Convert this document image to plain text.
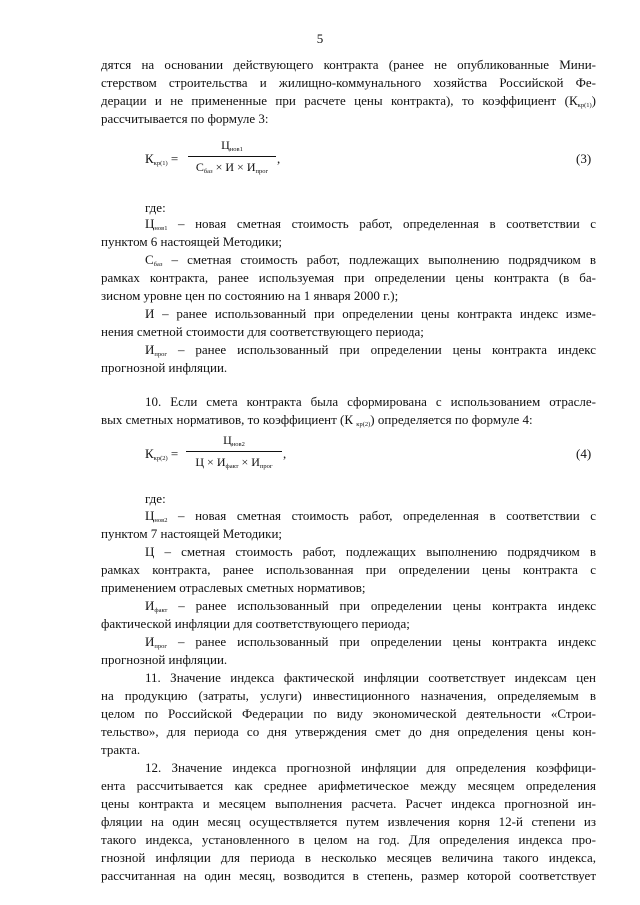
5
дятся на основании действующего контракта (ранее не опубликованные Мини-
стерством строительства и жилищно-коммунального хозяйства Российской Фе-
дерации и не примененные при расчете цены контракта), то коэффициент $(К_{кр(1)})$
рассчитывается по формуле 3:
$К_{кр(1)}$ =
$Ц_{нов1}$
$С_{баз} \times И \times И_{прог}$
,	(3)
где:
$Ц_{нов1}$ – новая сметная стоимость работ, определенная в соответствии с
пунктом 6 настоящей Методики;
$С_{баз}$ – сметная стоимость работ, подлежащих выполнению подрядчиком в
рамках контракта, ранее используемая при определении цены контракта (в ба-
зисном уровне цен по состоянию на 1 января 2000 г.);
И – ранее использованный при определении цены контракта индекс изме-
нения сметной стоимости для соответствующего периода;
$И_{прог}$ – ранее использованный при определении цены контракта индекс
прогнозной инфляции.
10. Если смета контракта была сформирована с использованием отрасле-
вых сметных нормативов, то коэффициент (К $_{кр(2)}$) определяется по формуле 4:
$К_{кр(2)}$ =
$Ц_{нов2}$
$Ц \times И_{факт} \times И_{прог}$
,	(4)
где:
$Ц_{нов2}$ – новая сметная стоимость работ, определенная в соответствии с
пунктом 7 настоящей Методики;
Ц – сметная стоимость работ, подлежащих выполнению подрядчиком в
рамках контракта, ранее использованная при определении цены контракта с
применением отраслевых сметных нормативов;
$И_{факт}$ – ранее использованный при определении цены контракта индекс
фактической инфляции для соответствующего периода;
$И_{прог}$ – ранее использованный при определении цены контракта индекс
прогнозной инфляции.
11. Значение индекса фактической инфляции соответствует индексам цен
на продукцию (затраты, услуги) инвестиционного назначения, определяемым в
целом по Российской Федерации по виду экономической деятельности «Строи-
тельство», для периода со дня утверждения смет до дня определения цены кон-
тракта.
12. Значение индекса прогнозной инфляции для определения коэффици-
ента рассчитывается как среднее арифметическое между месяцем определения
цены контракта и месяцем выполнения расчета. Расчет индекса прогнозной ин-
фляции на один месяц осуществляется путем извлечения корня 12-й степени из
такого индекса, установленного в целом на год. Для определения индекса про-
гнозной инфляции для периода в несколько месяцев величина такого индекса,
рассчитанная на один месяц, возводится в степень, размер которой соответствует
